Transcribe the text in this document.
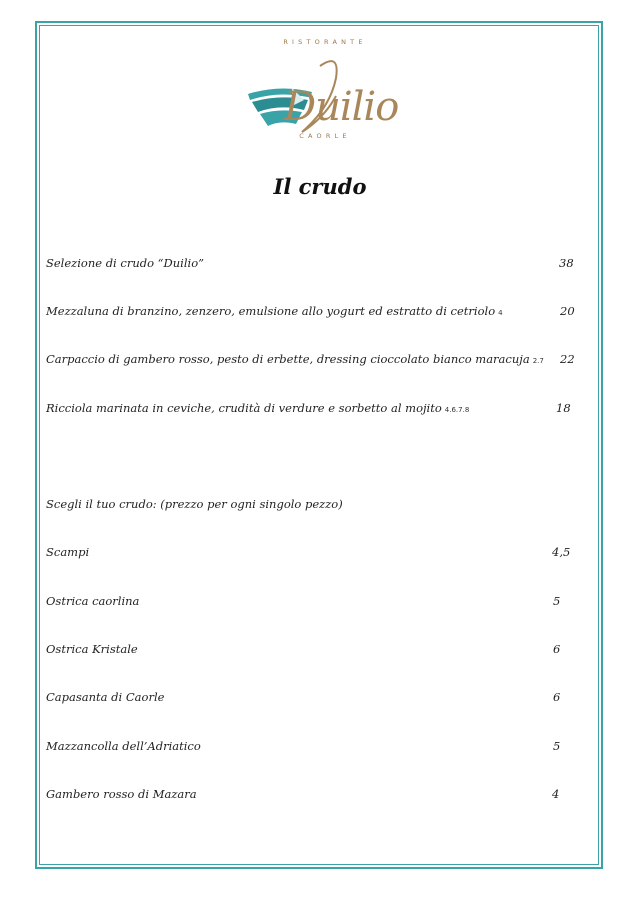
RISTORANTE
Duilio
CAORLE
Il crudo
Selezione di crudo “Duilio”	38
Mezzaluna di branzino, zenzero, emulsione allo yogurt ed estratto di cetriolo 4	20
Carpaccio di gambero rosso, pesto di erbette, dressing cioccolato bianco maracuja 2.7 22
Ricciola marinata in ceviche, crudità di verdure e sorbetto al mojito 4.6.7.8	18
Scegli il tuo crudo: (prezzo per ogni singolo pezzo)
Scampi	4,5
Ostrica caorlina	5
Ostrica Kristale	6
Capasanta di Caorle	6
Mazzancolla dell’Adriatico	5
Gambero rosso di Mazara	4
